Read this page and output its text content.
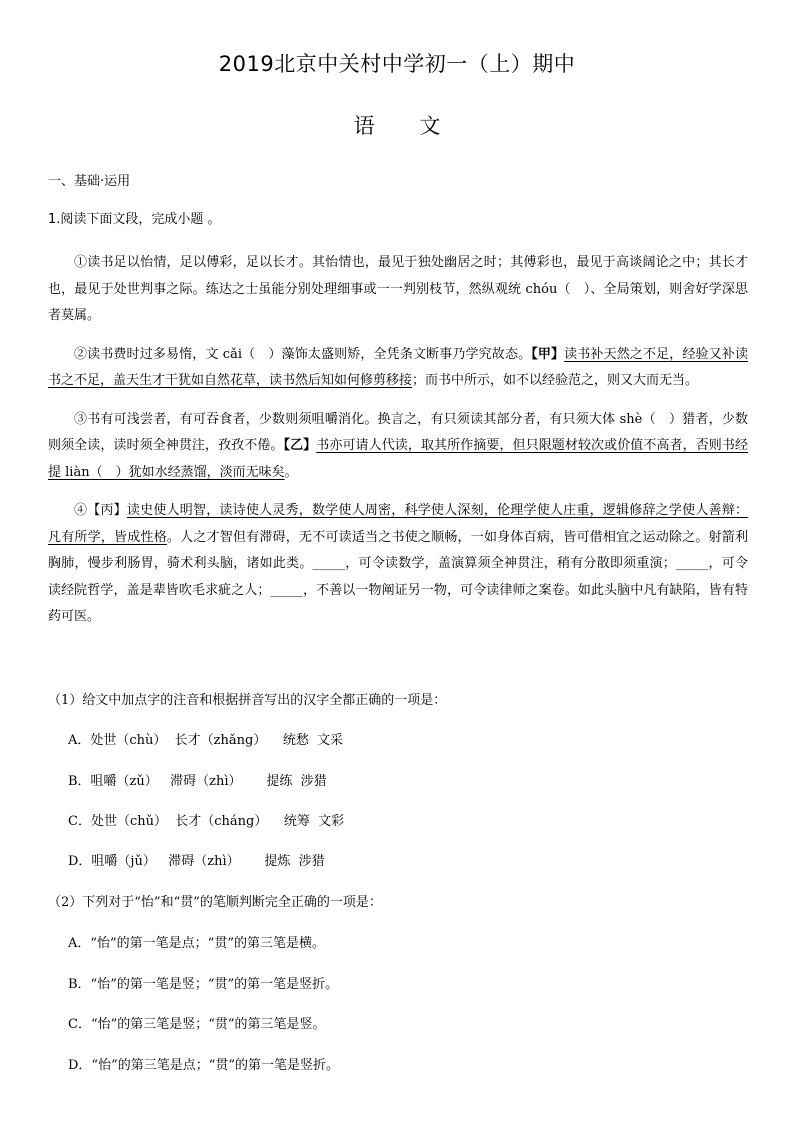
2019北京中关村中学初一（上）期中
语 文
一、基础·运用
1.阅读下面文段，完成小题 。

①读书足以怡情，足以傅彩，足以长才。其怡情也，最见于独处幽居之时；其傅彩也，最见于高谈阔论之中；其长才也，最见于处世判事之际。练达之士虽能分别处理细事或一一判别枝节，然纵观统 chóu（　）、全局策划，则舍好学深思者莫属。

②读书费时过多易惰，文 cǎi（　）藻饰太盛则矫，全凭条文断事乃学究故态。【甲】读书补天然之不足，经验又补读书之不足，盖天生才干犹如自然花草，读书然后知如何修剪移接；而书中所示，如不以经验范之，则又大而无当。

③书有可浅尝者，有可吞食者，少数则须咀嚼消化。换言之，有只须读其部分者，有只须大体 shè（　）猎者，少数则须全读，读时须全神贯注，孜孜不倦。【乙】书亦可请人代读，取其所作摘要，但只限题材较次或价值不高者，否则书经提 liàn（　）犹如水经蒸馏，淡而无味矣。

④【丙】读史使人明智，读诗使人灵秀，数学使人周密，科学使人深刻，伦理学使人庄重，逻辑修辞之学使人善辩：凡有所学，皆成性格。人之才智但有滞碍，无不可读适当之书使之顺畅，一如身体百病，皆可借相宜之运动除之。射箭利胸肺，慢步利肠胃，骑术利头脑，诸如此类。_____，可令读数学，盖演算须全神贯注，稍有分散即须重演；_____，可令读经院哲学，盖是辈皆吹毛求疵之人；_____，不善以一物阐证另一物，可令读律师之案卷。如此头脑中凡有缺陷，皆有特药可医。

（1）给文中加点字的注音和根据拼音写出的汉字全都正确的一项是：
A．处世（chù）  长才（zhǎng）    统愁  文采
B．咀嚼（zǔ）   滞碍（zhì）      提练  涉猎
C．处世（chǔ）  长才（cháng）    统筹  文彩
D．咀嚼（jǔ）   滞碍（zhì）      提炼  涉猎
（2）下列对于“怡”和“贯”的笔顺判断完全正确的一项是：
A．“怡”的第一笔是点；“贯”的第三笔是横。
B．“怡”的第一笔是竖；“贯”的第一笔是竖折。
C．“怡”的第三笔是竖；“贯”的第三笔是竖。
D．“怡”的第三笔是点；“贯”的第一笔是竖折。
